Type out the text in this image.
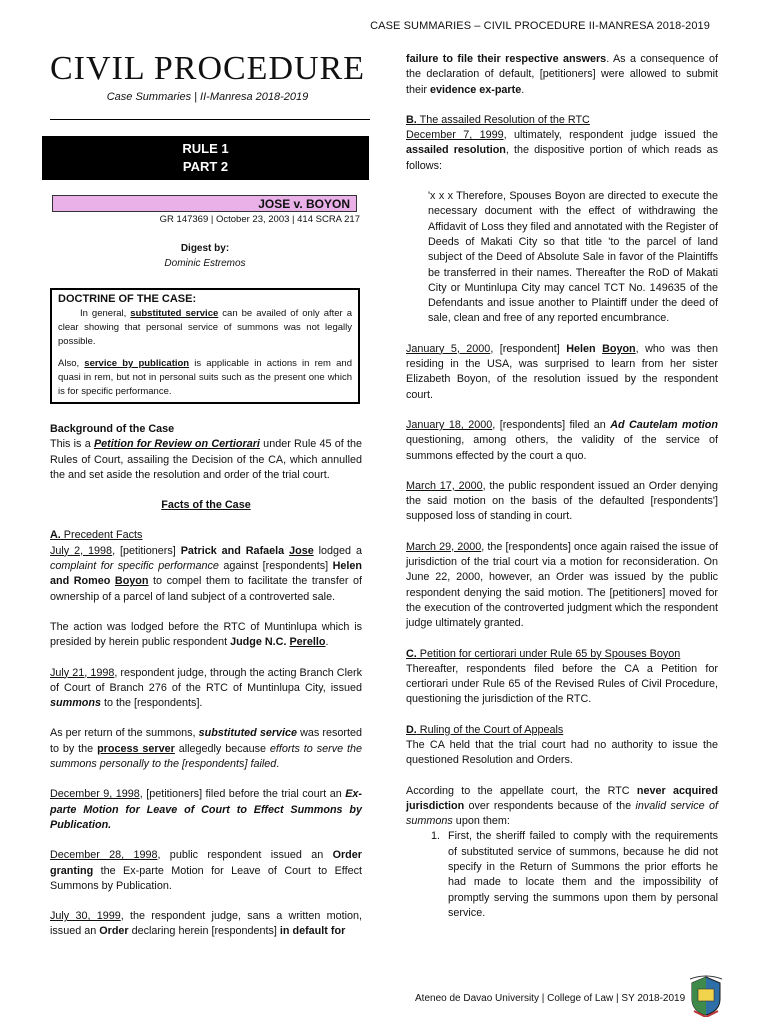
CASE SUMMARIES – CIVIL PROCEDURE II-MANRESA 2018-2019
CIVIL PROCEDURE
Case Summaries | II-Manresa 2018-2019
RULE 1
PART 2
JOSE v. BOYON
GR 147369 | October 23, 2003 | 414 SCRA 217
Digest by:
Dominic Estremos
DOCTRINE OF THE CASE:

In general, substituted service can be availed of only after a clear showing that personal service of summons was not legally possible.

Also, service by publication is applicable in actions in rem and quasi in rem, but not in personal suits such as the present one which is for specific performance.

Background of the Case

This is a Petition for Review on Certiorari under Rule 45 of the Rules of Court, assailing the Decision of the CA, which annulled the and set aside the resolution and order of the trial court.

Facts of the Case

A. Precedent Facts

July 2, 1998, [petitioners] Patrick and Rafaela Jose lodged a complaint for specific performance against [respondents] Helen and Romeo Boyon to compel them to facilitate the transfer of ownership of a parcel of land subject of a controverted sale.

The action was lodged before the RTC of Muntinlupa which is presided by herein public respondent Judge N.C. Perello.

July 21, 1998, respondent judge, through the acting Branch Clerk of Court of Branch 276 of the RTC of Muntinlupa City, issued summons to the [respondents].

As per return of the summons, substituted service was resorted to by the process server allegedly because efforts to serve the summons personally to the [respondents] failed.

December 9, 1998, [petitioners] filed before the trial court an Ex-parte Motion for Leave of Court to Effect Summons by Publication.

December 28, 1998, public respondent issued an Order granting the Ex-parte Motion for Leave of Court to Effect Summons by Publication.

July 30, 1999, the respondent judge, sans a written motion, issued an Order declaring herein [respondents] in default for

failure to file their respective answers. As a consequence of the declaration of default, [petitioners] were allowed to submit their evidence ex-parte.

B. The assailed Resolution of the RTC

December 7, 1999, ultimately, respondent judge issued the assailed resolution, the dispositive portion of which reads as follows:

'x x x Therefore, Spouses Boyon are directed to execute the necessary document with the effect of withdrawing the Affidavit of Loss they filed and annotated with the Register of Deeds of Makati City so that title 'to the parcel of land subject of the Deed of Absolute Sale in favor of the Plaintiffs be transferred in their names. Thereafter the RoD of Makati City or Muntinlupa City may cancel TCT No. 149635 of the Defendants and issue another to Plaintiff under the deed of sale, clean and free of any reported encumbrance.

January 5, 2000, [respondent] Helen Boyon, who was then residing in the USA, was surprised to learn from her sister Elizabeth Boyon, of the resolution issued by the respondent court.

January 18, 2000, [respondents] filed an Ad Cautelam motion questioning, among others, the validity of the service of summons effected by the court a quo.

March 17, 2000, the public respondent issued an Order denying the said motion on the basis of the defaulted [respondents'] supposed loss of standing in court.

March 29, 2000, the [respondents] once again raised the issue of jurisdiction of the trial court via a motion for reconsideration. On June 22, 2000, however, an Order was issued by the public respondent denying the said motion. The [petitioners] moved for the execution of the controverted judgment which the respondent judge ultimately granted.

C. Petition for certiorari under Rule 65 by Spouses Boyon

Thereafter, respondents filed before the CA a Petition for certiorari under Rule 65 of the Revised Rules of Civil Procedure, questioning the jurisdiction of the RTC.

D. Ruling of the Court of Appeals

The CA held that the trial court had no authority to issue the questioned Resolution and Orders.

According to the appellate court, the RTC never acquired jurisdiction over respondents because of the invalid service of summons upon them:

1. First, the sheriff failed to comply with the requirements of substituted service of summons, because he did not specify in the Return of Summons the prior efforts he had made to locate them and the impossibility of promptly serving the summons upon them by personal service.
Ateneo de Davao University | College of Law | SY 2018-2019
